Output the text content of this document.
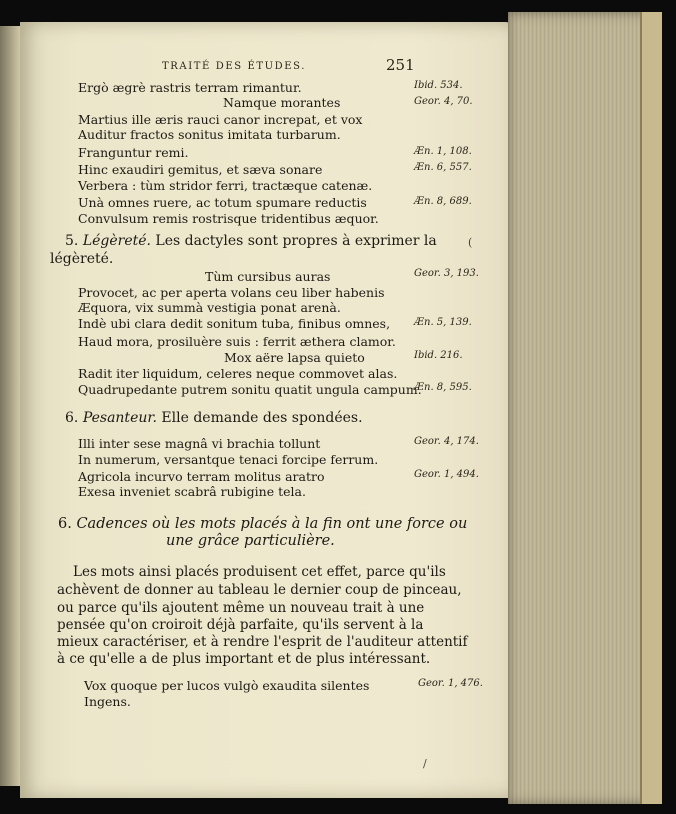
TRAITÉ DES ÉTUDES.	251
Ergò ægrè rastris terram rimantur.
Namque morantes
Martius ille æris rauci canor increpat, et vox
Auditur fractos sonitus imitata turbarum.
Franguntur remi.
Hinc exaudiri gemitus, et sæva sonare
Verbera : tùm stridor ferri, tractæque catenæ.
Unà omnes ruere, ac totum spumare reductis
Convulsum remis rostrisque tridentibus æquor.
Ibid. 534.
Geor. 4, 70.
Æn. 1, 108.
Æn. 6, 557.
Æn. 8, 689.
5. Légèreté. Les dactyles sont propres à exprimer la
légèreté.
(
Tùm cursibus auras
Provocet, ac per aperta volans ceu liber habenis
Æquora, vix summà vestigia ponat arenà.
Indè ubi clara dedit sonitum tuba, finibus omnes,
Haud mora, prosiluère suis : ferrit æthera clamor.
Mox aëre lapsa quieto
Radit iter liquidum, celeres neque commovet alas.
Quadrupedante putrem sonitu quatit ungula campum.
Geor. 3, 193.
Æn. 5, 139.
Ibid. 216.
Æn. 8, 595.
6. Pesanteur. Elle demande des spondées.
Illi inter sese magnâ vi brachia tollunt
In numerum, versantque tenaci forcipe ferrum.
Agricola incurvo terram molitus aratro
Exesa inveniet scabrâ rubigine tela.
Geor. 4, 174.
Geor. 1, 494.
6. Cadences où les mots placés à la fin ont une force ou
une grâce particulière.
Les mots ainsi placés produisent cet effet, parce qu'ils
achèvent de donner au tableau le dernier coup de pinceau,
ou parce qu'ils ajoutent même un nouveau trait à une
pensée qu'on croiroit déjà parfaite, qu'ils servent à la
mieux caractériser, et à rendre l'esprit de l'auditeur attentif
à ce qu'elle a de plus important et de plus intéressant.
Vox quoque per lucos vulgò exaudita silentes
Ingens.
Geor. 1, 476.
/
